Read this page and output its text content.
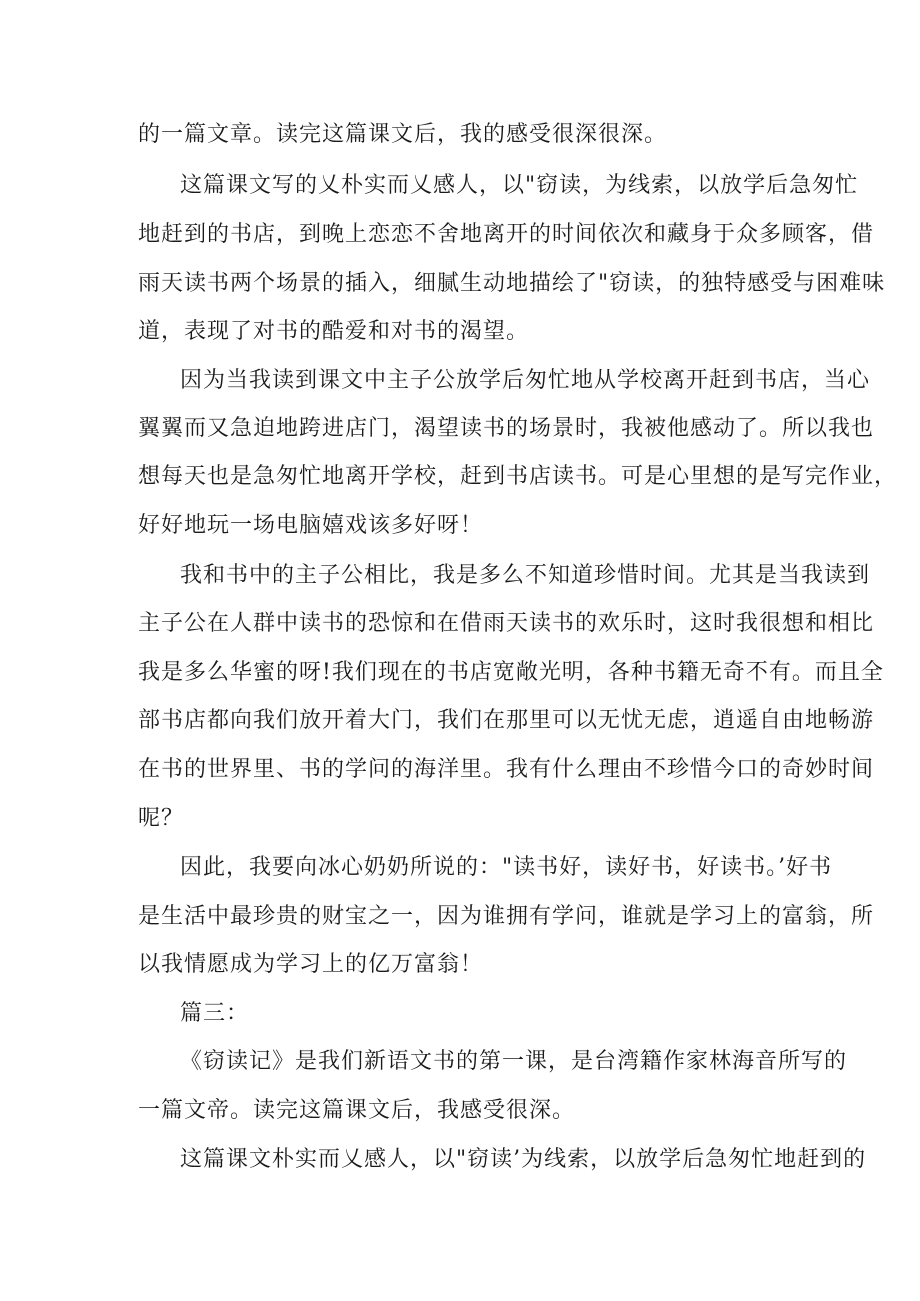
的一篇文章。读完这篇课文后，我的感受很深很深。
这篇课文写的乂朴实而乂感人，以"窃读，为线索，以放学后急匆忙
地赶到的书店，到晚上恋恋不舍地离开的时间依次和藏身于众多顾客，借
雨天读书两个场景的插入，细腻生动地描绘了"窃读，的独特感受与困难味
道，表现了对书的酷爱和对书的渴望。
因为当我读到课文中主子公放学后匆忙地从学校离开赶到书店，当心
翼翼而又急迫地跨进店门，渴望读书的场景时，我被他感动了。所以我也
想每天也是急匆忙地离开学校，赶到书店读书。可是心里想的是写完作业，
好好地玩一场电脑嬉戏该多好呀！
我和书中的主子公相比，我是多么不知道珍惜时间。尤其是当我读到
主子公在人群中读书的恐惊和在借雨天读书的欢乐时，这时我很想和相比
我是多么华蜜的呀!我们现在的书店宽敞光明，各种书籍无奇不有。而且全
部书店都向我们放开着大门，我们在那里可以无忧无虑，逍遥自由地畅游
在书的世界里、书的学问的海洋里。我有什么理由不珍惜今口的奇妙时间
呢？
因此，我要向冰心奶奶所说的："读书好，读好书，好读书。’好书
是生活中最珍贵的财宝之一，因为谁拥有学问，谁就是学习上的富翁，所
以我情愿成为学习上的亿万富翁！
篇三：
《窃读记》是我们新语文书的第一课，是台湾籍作家林海音所写的
一篇文帝。读完这篇课文后，我感受很深。
这篇课文朴实而乂感人，以"窃读’为线索，以放学后急匆忙地赶到的
